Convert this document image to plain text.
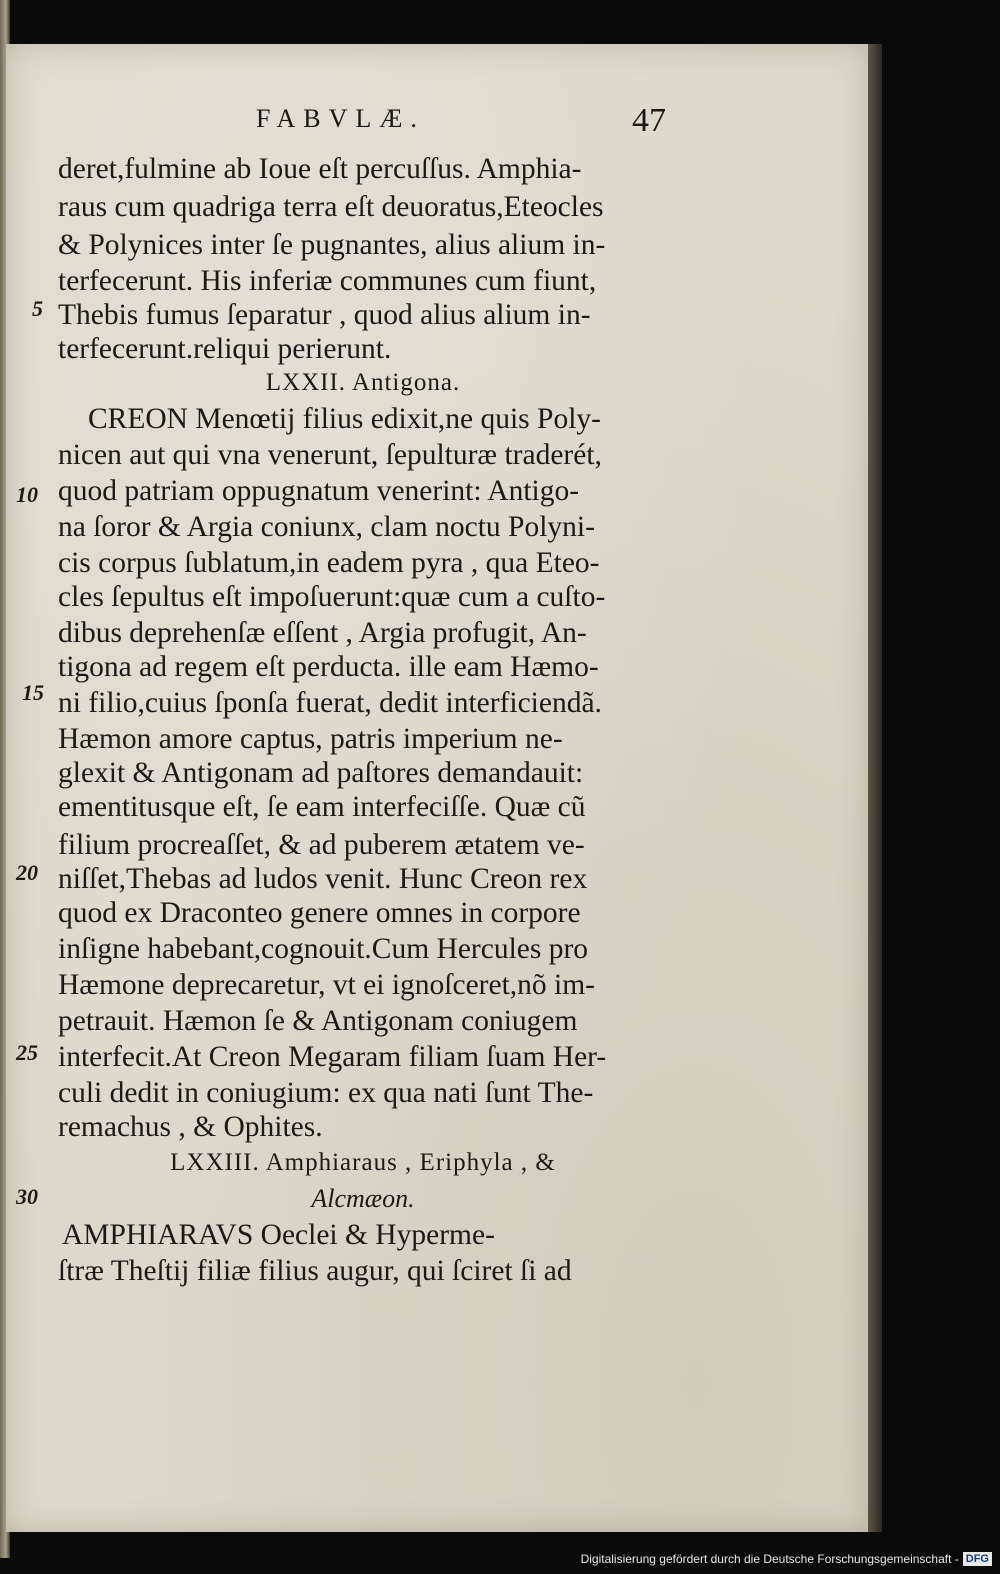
FABVLÆ.	47
5
10
15
20
25
30
deret,fulmine ab Ioue eſt percuſſus. Amphia-
raus cum quadriga terra eſt deuoratus,Eteocles
& Polynices inter ſe pugnantes, alius alium in-
terfecerunt. His inferiæ communes cum fiunt,
Thebis fumus ſeparatur , quod alius alium in-
terfecerunt.reliqui perierunt.
LXXII. Antigona.
CREON Menœtij filius edixit,ne quis Poly-
nicen aut qui vna venerunt, ſepulturæ traderét,
quod patriam oppugnatum venerint: Antigo-
na ſoror & Argia coniunx, clam noctu Polyni-
cis corpus ſublatum,in eadem pyra , qua Eteo-
cles ſepultus eſt impoſuerunt:quæ cum a cuſto-
dibus deprehenſæ eſſent , Argia profugit, An-
tigona ad regem eſt perducta. ille eam Hæmo-
ni filio,cuius ſponſa fuerat, dedit interficiendã.
Hæmon amore captus, patris imperium ne-
glexit & Antigonam ad paſtores demandauit:
ementitusque eſt, ſe eam interfeciſſe. Quæ cũ
filium procreaſſet, & ad puberem ætatem ve-
niſſet,Thebas ad ludos venit. Hunc Creon rex
quod ex Draconteo genere omnes in corpore
inſigne habebant,cognouit.Cum Hercules pro
Hæmone deprecaretur, vt ei ignoſceret,nõ im-
petrauit. Hæmon ſe & Antigonam coniugem
interfecit.At Creon Megaram filiam ſuam Her-
culi dedit in coniugium: ex qua nati ſunt The-
remachus , & Ophites.
LXXIII. Amphiaraus , Eriphyla , &
Alcmæon.
AMPHIARAVS Oeclei & Hyperme-
ſtræ Theſtij filiæ filius augur, qui ſciret ſi ad
Digitalisierung gefördert durch die Deutsche Forschungsgemeinschaft - DFG
